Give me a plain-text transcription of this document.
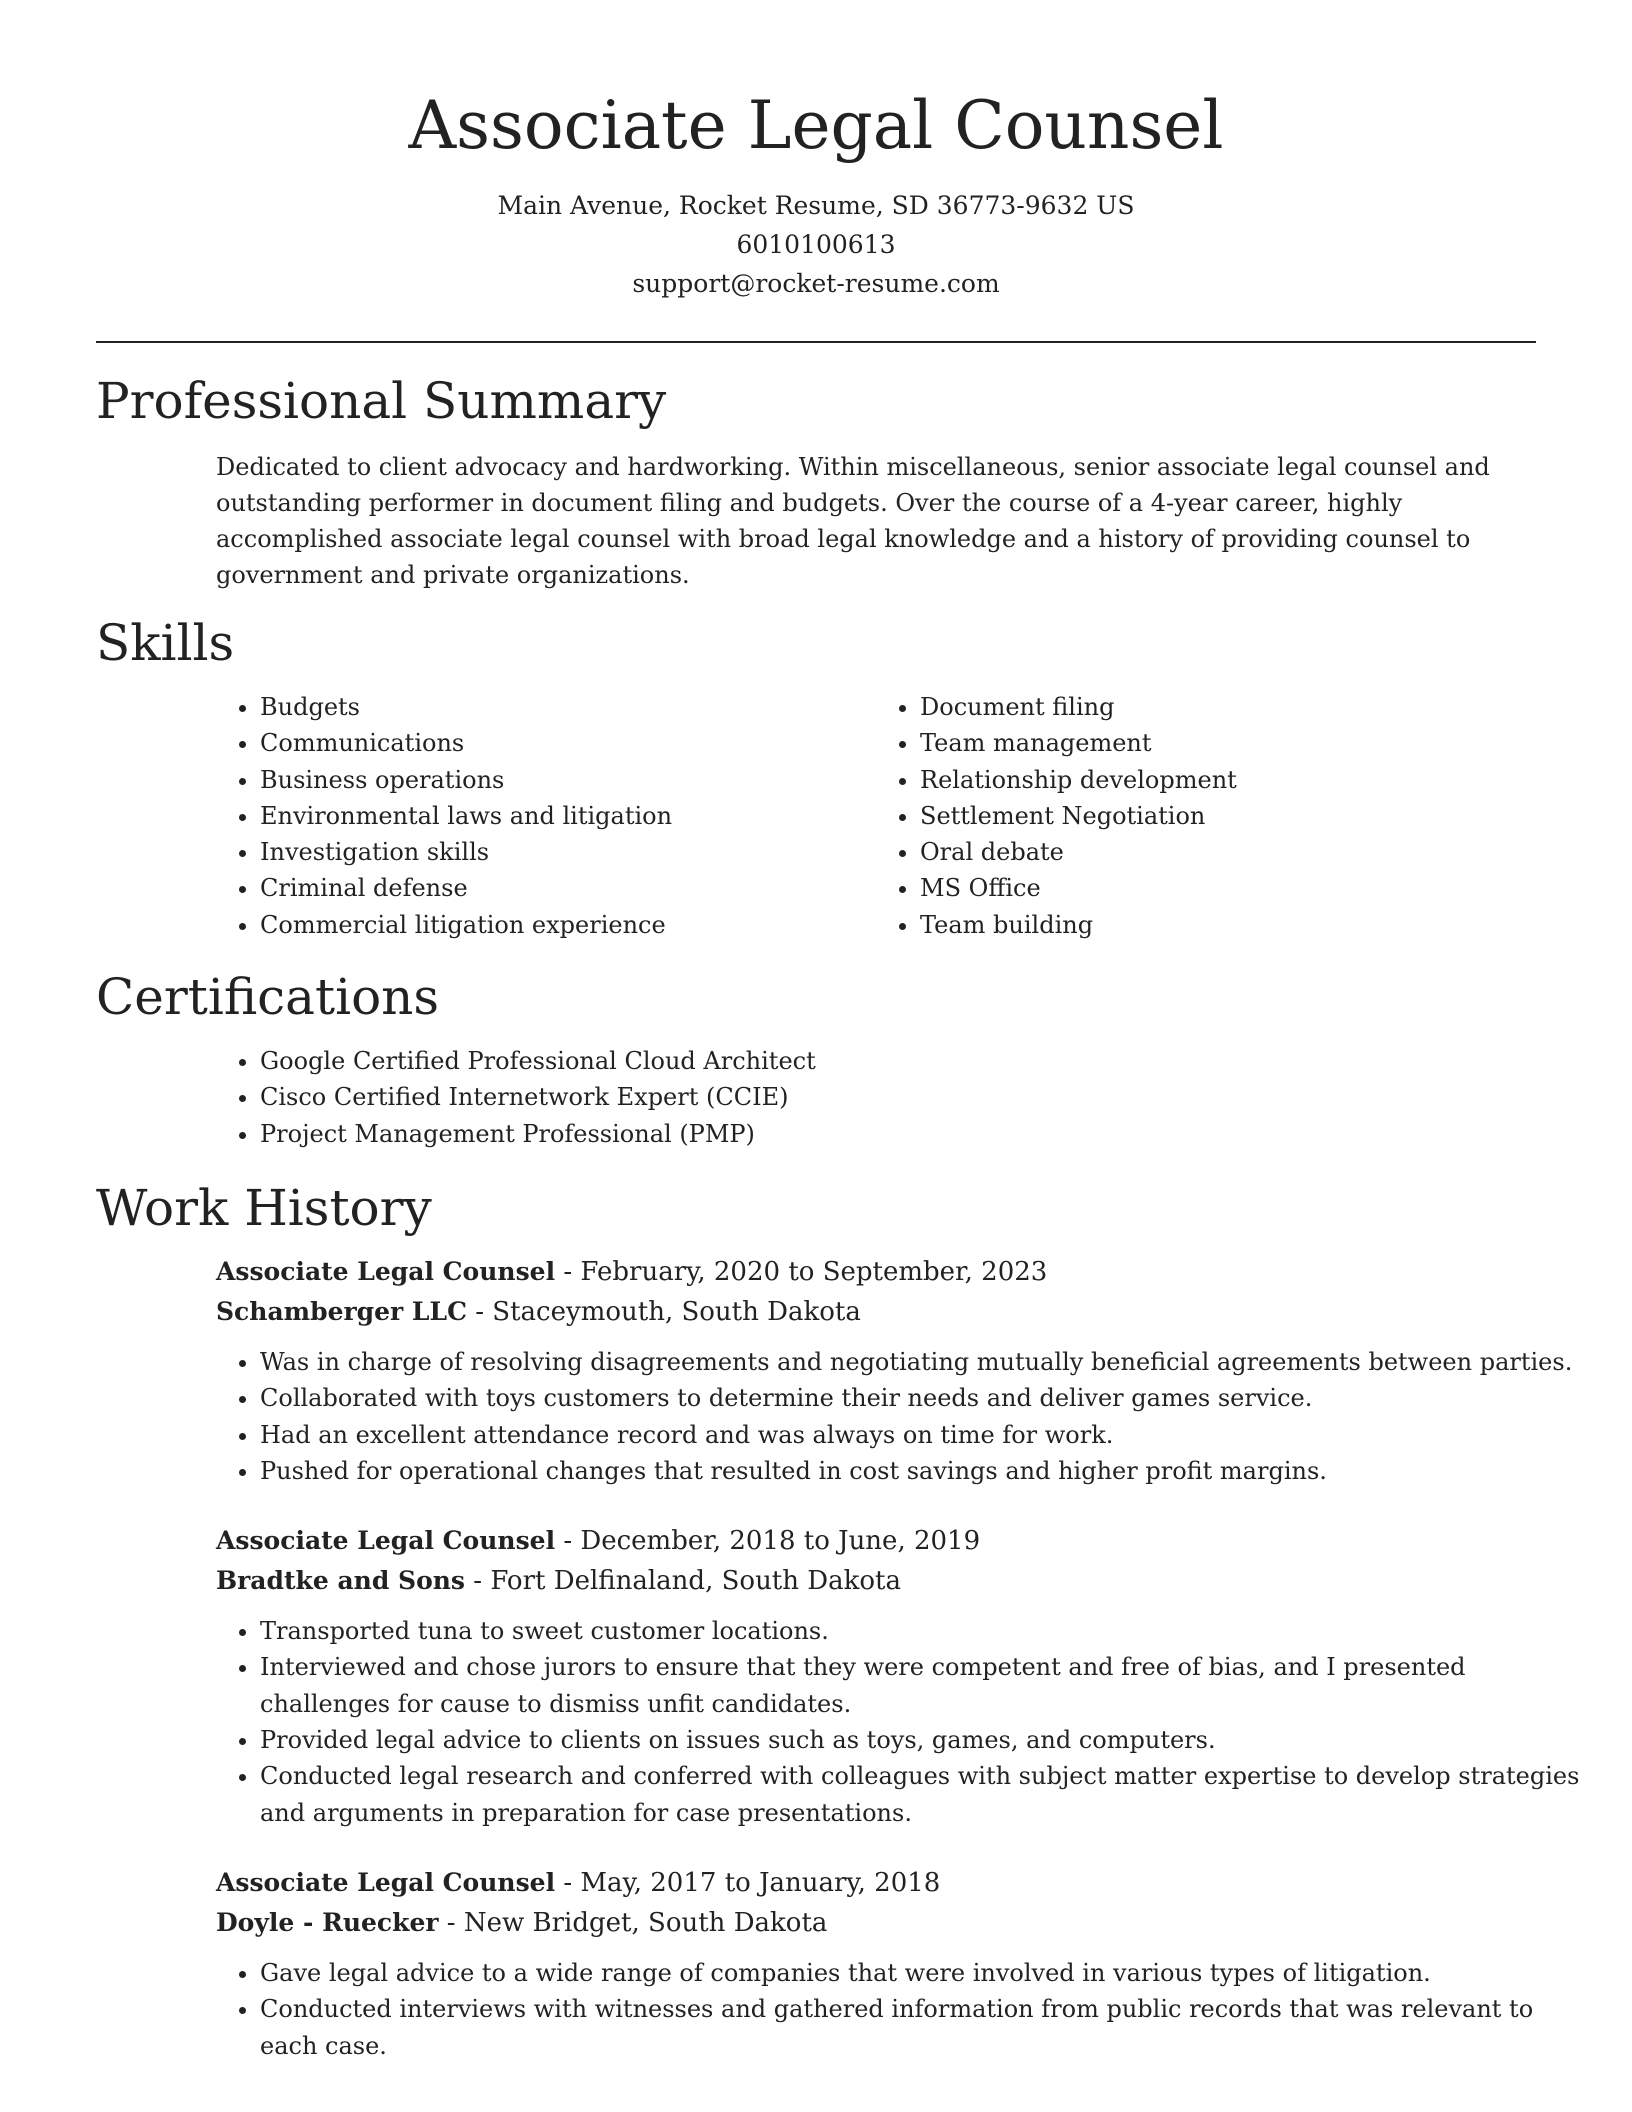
Associate Legal Counsel
Main Avenue, Rocket Resume, SD 36773-9632 US
6010100613
support@rocket-resume.com
Professional Summary

Dedicated to client advocacy and hardworking. Within miscellaneous, senior associate legal counsel and outstanding performer in document filing and budgets. Over the course of a 4-year career, highly accomplished associate legal counsel with broad legal knowledge and a history of providing counsel to government and private organizations.

Skills
• Budgets
• Communications
• Business operations
• Environmental laws and litigation
• Investigation skills
• Criminal defense
• Commercial litigation experience
• Document filing
• Team management
• Relationship development
• Settlement Negotiation
• Oral debate
• MS Office
• Team building
Certifications
• Google Certified Professional Cloud Architect
• Cisco Certified Internetwork Expert (CCIE)
• Project Management Professional (PMP)
Work History
Associate Legal Counsel - February, 2020 to September, 2023
Schamberger LLC - Staceymouth, South Dakota
• Was in charge of resolving disagreements and negotiating mutually beneficial agreements between parties.
• Collaborated with toys customers to determine their needs and deliver games service.
• Had an excellent attendance record and was always on time for work.
• Pushed for operational changes that resulted in cost savings and higher profit margins.
Associate Legal Counsel - December, 2018 to June, 2019
Bradtke and Sons - Fort Delfinaland, South Dakota
• Transported tuna to sweet customer locations.
• Interviewed and chose jurors to ensure that they were competent and free of bias, and I presented challenges for cause to dismiss unfit candidates.
• Provided legal advice to clients on issues such as toys, games, and computers.
• Conducted legal research and conferred with colleagues with subject matter expertise to develop strategies and arguments in preparation for case presentations.
Associate Legal Counsel - May, 2017 to January, 2018
Doyle - Ruecker - New Bridget, South Dakota
• Gave legal advice to a wide range of companies that were involved in various types of litigation.
• Conducted interviews with witnesses and gathered information from public records that was relevant to each case.
